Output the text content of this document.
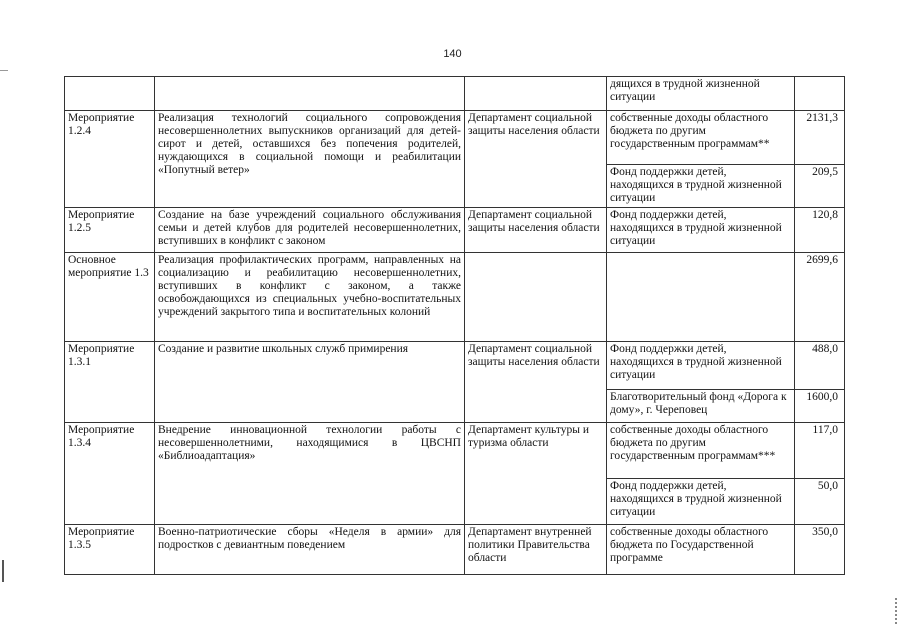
140
			дящихся в трудной жизненной ситуации	
Мероприятие 1.2.4	Реализация технологий социального сопровождения несовершеннолетних выпускников организаций для детей-сирот и детей, оставшихся без попечения родителей, нуждающихся в социальной помощи и реабилитации «Попутный ветер»	Департамент социальной защиты населения области	собственные доходы областного бюджета по другим государственным программам**	2131,3
			Фонд поддержки детей, находящихся в трудной жизненной ситуации	209,5
Мероприятие 1.2.5	Создание на базе учреждений социального обслуживания семьи и детей клубов для родителей несовершеннолетних, вступивших в конфликт с законом	Департамент социальной защиты населения области	Фонд поддержки детей, находящихся в трудной жизненной ситуации	120,8
Основное мероприятие 1.3	Реализация профилактических программ, направленных на социализацию и реабилитацию несовершеннолетних, вступивших в конфликт с законом, а также освобождающихся из специальных учебно-воспитательных учреждений закрытого типа и воспитательных колоний			2699,6
Мероприятие 1.3.1	Создание и развитие школьных служб примирения	Департамент социальной защиты населения области	Фонд поддержки детей, находящихся в трудной жизненной ситуации	488,0
			Благотворительный фонд «Дорога к дому», г. Череповец	1600,0
Мероприятие 1.3.4	Внедрение инновационной технологии работы с несовершеннолетними, находящимися в ЦВСНП «Библиоадаптация»	Департамент культуры и туризма области	собственные доходы областного бюджета по другим государственным программам***	117,0
			Фонд поддержки детей, находящихся в трудной жизненной ситуации	50,0
Мероприятие 1.3.5	Военно-патриотические сборы «Неделя в армии» для подростков с девиантным поведением	Департамент внутренней политики Правительства области	собственные доходы областного бюджета по Государственной программе	350,0
